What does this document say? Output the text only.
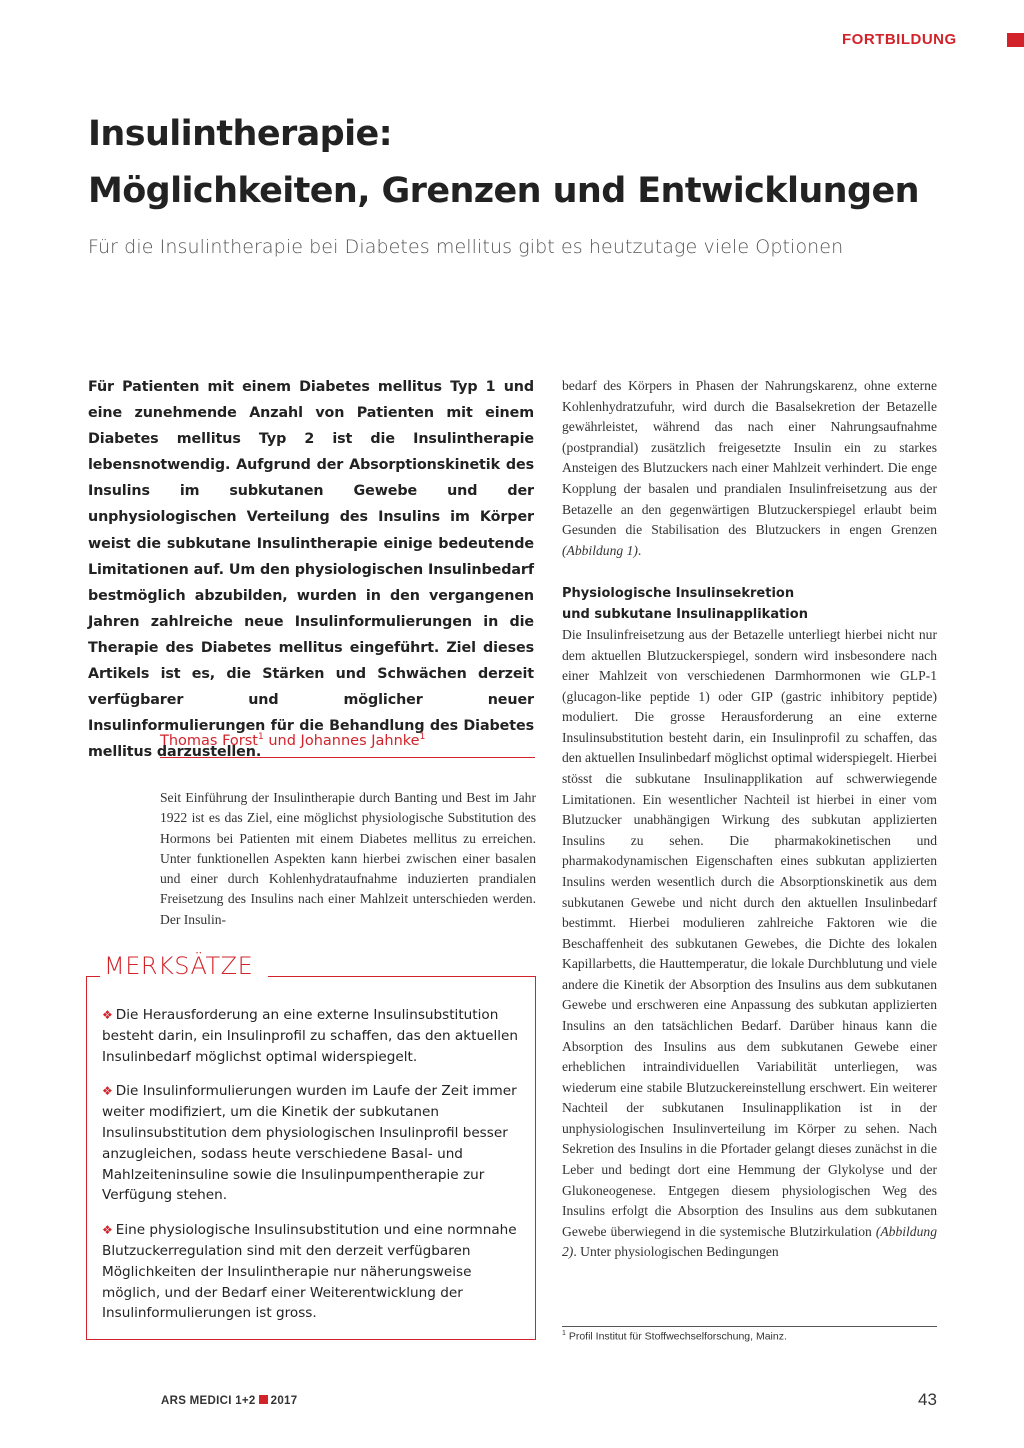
FORTBILDUNG
Insulintherapie:
Möglichkeiten, Grenzen und Entwicklungen
Für die Insulintherapie bei Diabetes mellitus gibt es heutzutage viele Optionen

Für Patienten mit einem Diabetes mellitus Typ 1 und eine zunehmende Anzahl von Patienten mit einem Diabetes mellitus Typ 2 ist die Insulintherapie lebensnotwendig. Aufgrund der Absorptionskinetik des Insulins im subkutanen Gewebe und der unphysiologischen Verteilung des Insulins im Körper weist die subkutane Insulintherapie einige bedeutende Limitationen auf. Um den physiologischen Insulinbedarf bestmöglich abzubilden, wurden in den vergangenen Jahren zahlreiche neue Insulinformulierungen in die Therapie des Diabetes mellitus eingeführt. Ziel dieses Artikels ist es, die Stärken und Schwächen derzeit verfügbarer und möglicher neuer Insulinformulierungen für die Behandlung des Diabetes mellitus darzustellen.

Thomas Forst$^1$ und Johannes Jahnke$^1$

Seit Einführung der Insulintherapie durch Banting und Best im Jahr 1922 ist es das Ziel, eine möglichst physiologische Substitution des Hormons bei Patienten mit einem Diabetes mellitus zu erreichen. Unter funktionellen Aspekten kann hierbei zwischen einer basalen und einer durch Kohlenhydrataufnahme induzierten prandialen Freisetzung des Insulins nach einer Mahlzeit unterschieden werden. Der Insulin-

MERKSÄTZE
❖ Die Herausforderung an eine externe Insulinsubstitution besteht darin, ein Insulinprofil zu schaffen, das den aktuellen Insulinbedarf möglichst optimal widerspiegelt.
❖ Die Insulinformulierungen wurden im Laufe der Zeit immer weiter modifiziert, um die Kinetik der subkutanen Insulinsubstitution dem physiologischen Insulinprofil besser anzugleichen, sodass heute verschiedene Basal- und Mahlzeiteninsuline sowie die Insulinpumpentherapie zur Verfügung stehen.
❖ Eine physiologische Insulinsubstitution und eine normnahe Blutzuckerregulation sind mit den derzeit verfügbaren Möglichkeiten der Insulintherapie nur näherungsweise möglich, und der Bedarf einer Weiterentwicklung der Insulinformulierungen ist gross.

bedarf des Körpers in Phasen der Nahrungskarenz, ohne externe Kohlenhydratzufuhr, wird durch die Basalsekretion der Betazelle gewährleistet, während das nach einer Nahrungsaufnahme (postprandial) zusätzlich freigesetzte Insulin ein zu starkes Ansteigen des Blutzuckers nach einer Mahlzeit verhindert. Die enge Kopplung der basalen und prandialen Insulinfreisetzung aus der Betazelle an den gegenwärtigen Blutzuckerspiegel erlaubt beim Gesunden die Stabilisation des Blutzuckers in engen Grenzen (Abbildung 1).

Physiologische Insulinsekretion
und subkutane Insulinapplikation

Die Insulinfreisetzung aus der Betazelle unterliegt hierbei nicht nur dem aktuellen Blutzuckerspiegel, sondern wird insbesondere nach einer Mahlzeit von verschiedenen Darmhormonen wie GLP-1 (glucagon-like peptide 1) oder GIP (gastric inhibitory peptide) moduliert. Die grosse Herausforderung an eine externe Insulinsubstitution besteht darin, ein Insulinprofil zu schaffen, das den aktuellen Insulinbedarf möglichst optimal widerspiegelt. Hierbei stösst die subkutane Insulinapplikation auf schwerwiegende Limitationen. Ein wesentlicher Nachteil ist hierbei in einer vom Blutzucker unabhängigen Wirkung des subkutan applizierten Insulins zu sehen. Die pharmakokinetischen und pharmakodynamischen Eigenschaften eines subkutan applizierten Insulins werden wesentlich durch die Absorptionskinetik aus dem subkutanen Gewebe und nicht durch den aktuellen Insulinbedarf bestimmt. Hierbei modulieren zahlreiche Faktoren wie die Beschaffenheit des subkutanen Gewebes, die Dichte des lokalen Kapillarbetts, die Hauttemperatur, die lokale Durchblutung und viele andere die Kinetik der Absorption des Insulins aus dem subkutanen Gewebe und erschweren eine Anpassung des subkutan applizierten Insulins an den tatsächlichen Bedarf. Darüber hinaus kann die Absorption des Insulins aus dem subkutanen Gewebe einer erheblichen intraindividuellen Variabilität unterliegen, was wiederum eine stabile Blutzuckereinstellung erschwert. Ein weiterer Nachteil der subkutanen Insulinapplikation ist in der unphysiologischen Insulinverteilung im Körper zu sehen. Nach Sekretion des Insulins in die Pfortader gelangt dieses zunächst in die Leber und bedingt dort eine Hemmung der Glykolyse und der Glukoneogenese. Entgegen diesem physiologischen Weg des Insulins erfolgt die Absorption des Insulins aus dem subkutanen Gewebe überwiegend in die systemische Blutzirkulation (Abbildung 2). Unter physiologischen Bedingungen

$^1$ Profil Institut für Stoffwechselforschung, Mainz.
ARS MEDICI 1+2 2017	43
